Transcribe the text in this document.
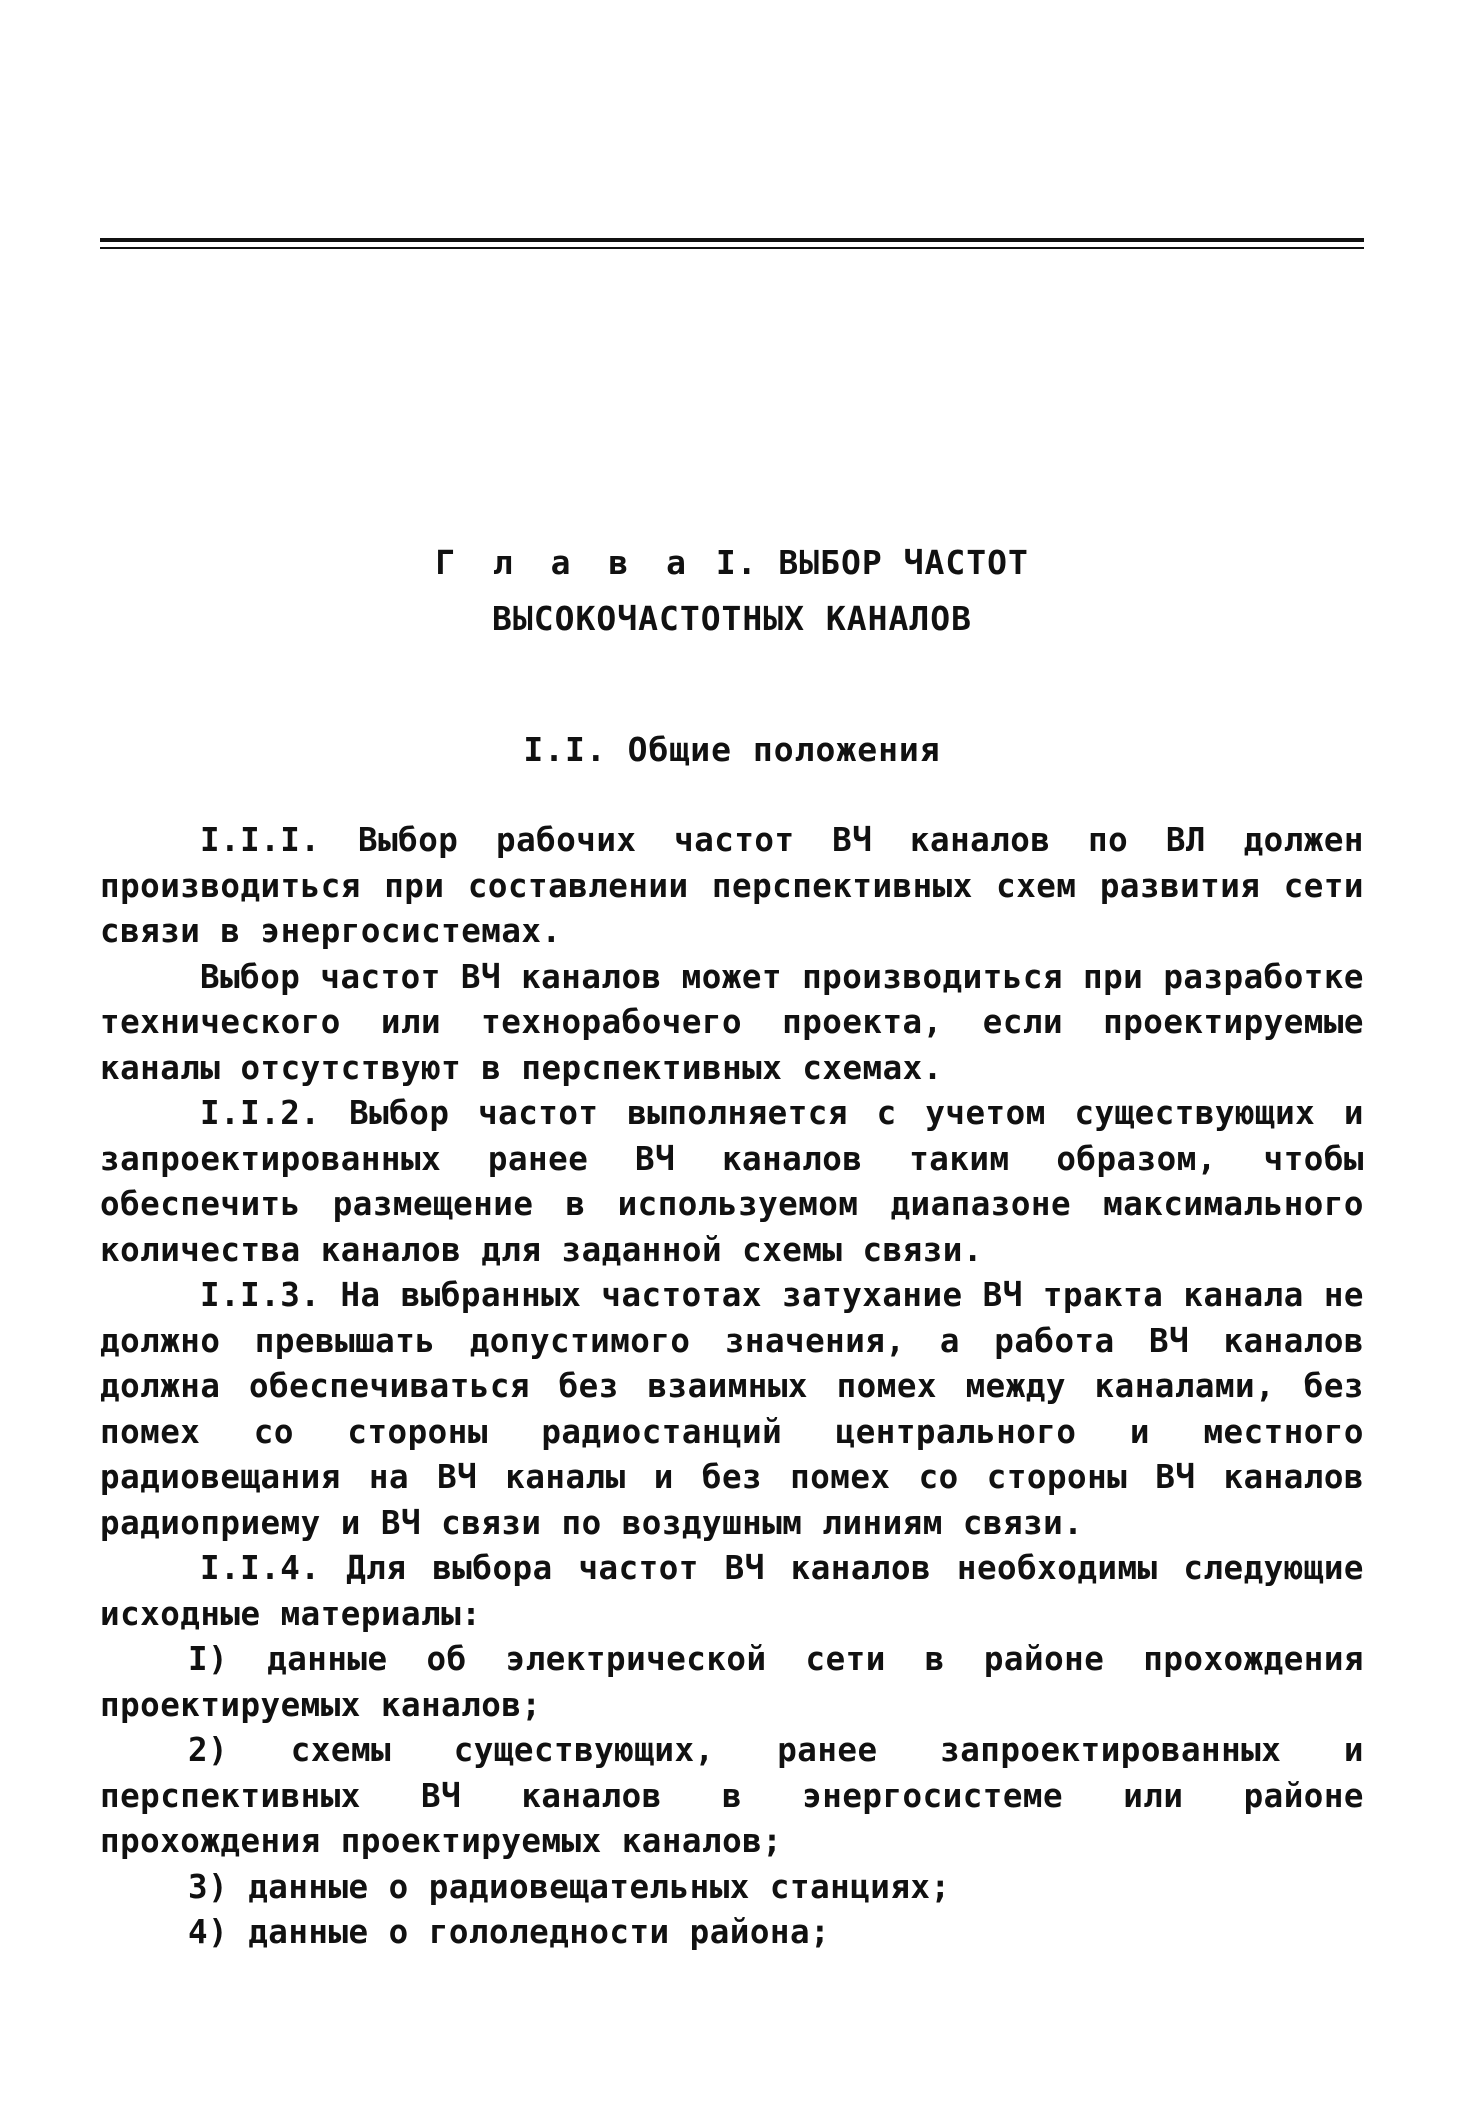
Г л а в а I. ВЫБОР ЧАСТОТ
ВЫСОКОЧАСТОТНЫХ КАНАЛОВ
I.I. Общие положения

I.I.I. Выбор рабочих частот ВЧ каналов по ВЛ должен производиться при составлении перспективных схем развития сети связи в энергосистемах.

Выбор частот ВЧ каналов может производиться при разработке технического или технорабочего проекта, если проектируемые каналы отсутствуют в перспективных схемах.

I.I.2. Выбор частот выполняется с учетом существующих и запроектированных ранее ВЧ каналов таким образом, чтобы обеспечить размещение в используемом диапазоне максимального количества каналов для заданной схемы связи.

I.I.3. На выбранных частотах затухание ВЧ тракта канала не должно превышать допустимого значения, а работа ВЧ каналов должна обеспечиваться без взаимных помех между каналами, без помех со стороны радиостанций центрального и местного радиовещания на ВЧ каналы и без помех со стороны ВЧ каналов радиоприему и ВЧ связи по воздушным линиям связи.

I.I.4. Для выбора частот ВЧ каналов необходимы следующие исходные материалы:

I) данные об электрической сети в районе прохождения проектируемых каналов;

2) схемы существующих, ранее запроектированных и перспективных ВЧ каналов в энергосистеме или районе прохождения проектируемых каналов;

3) данные о радиовещательных станциях;

4) данные о гололедности района;
